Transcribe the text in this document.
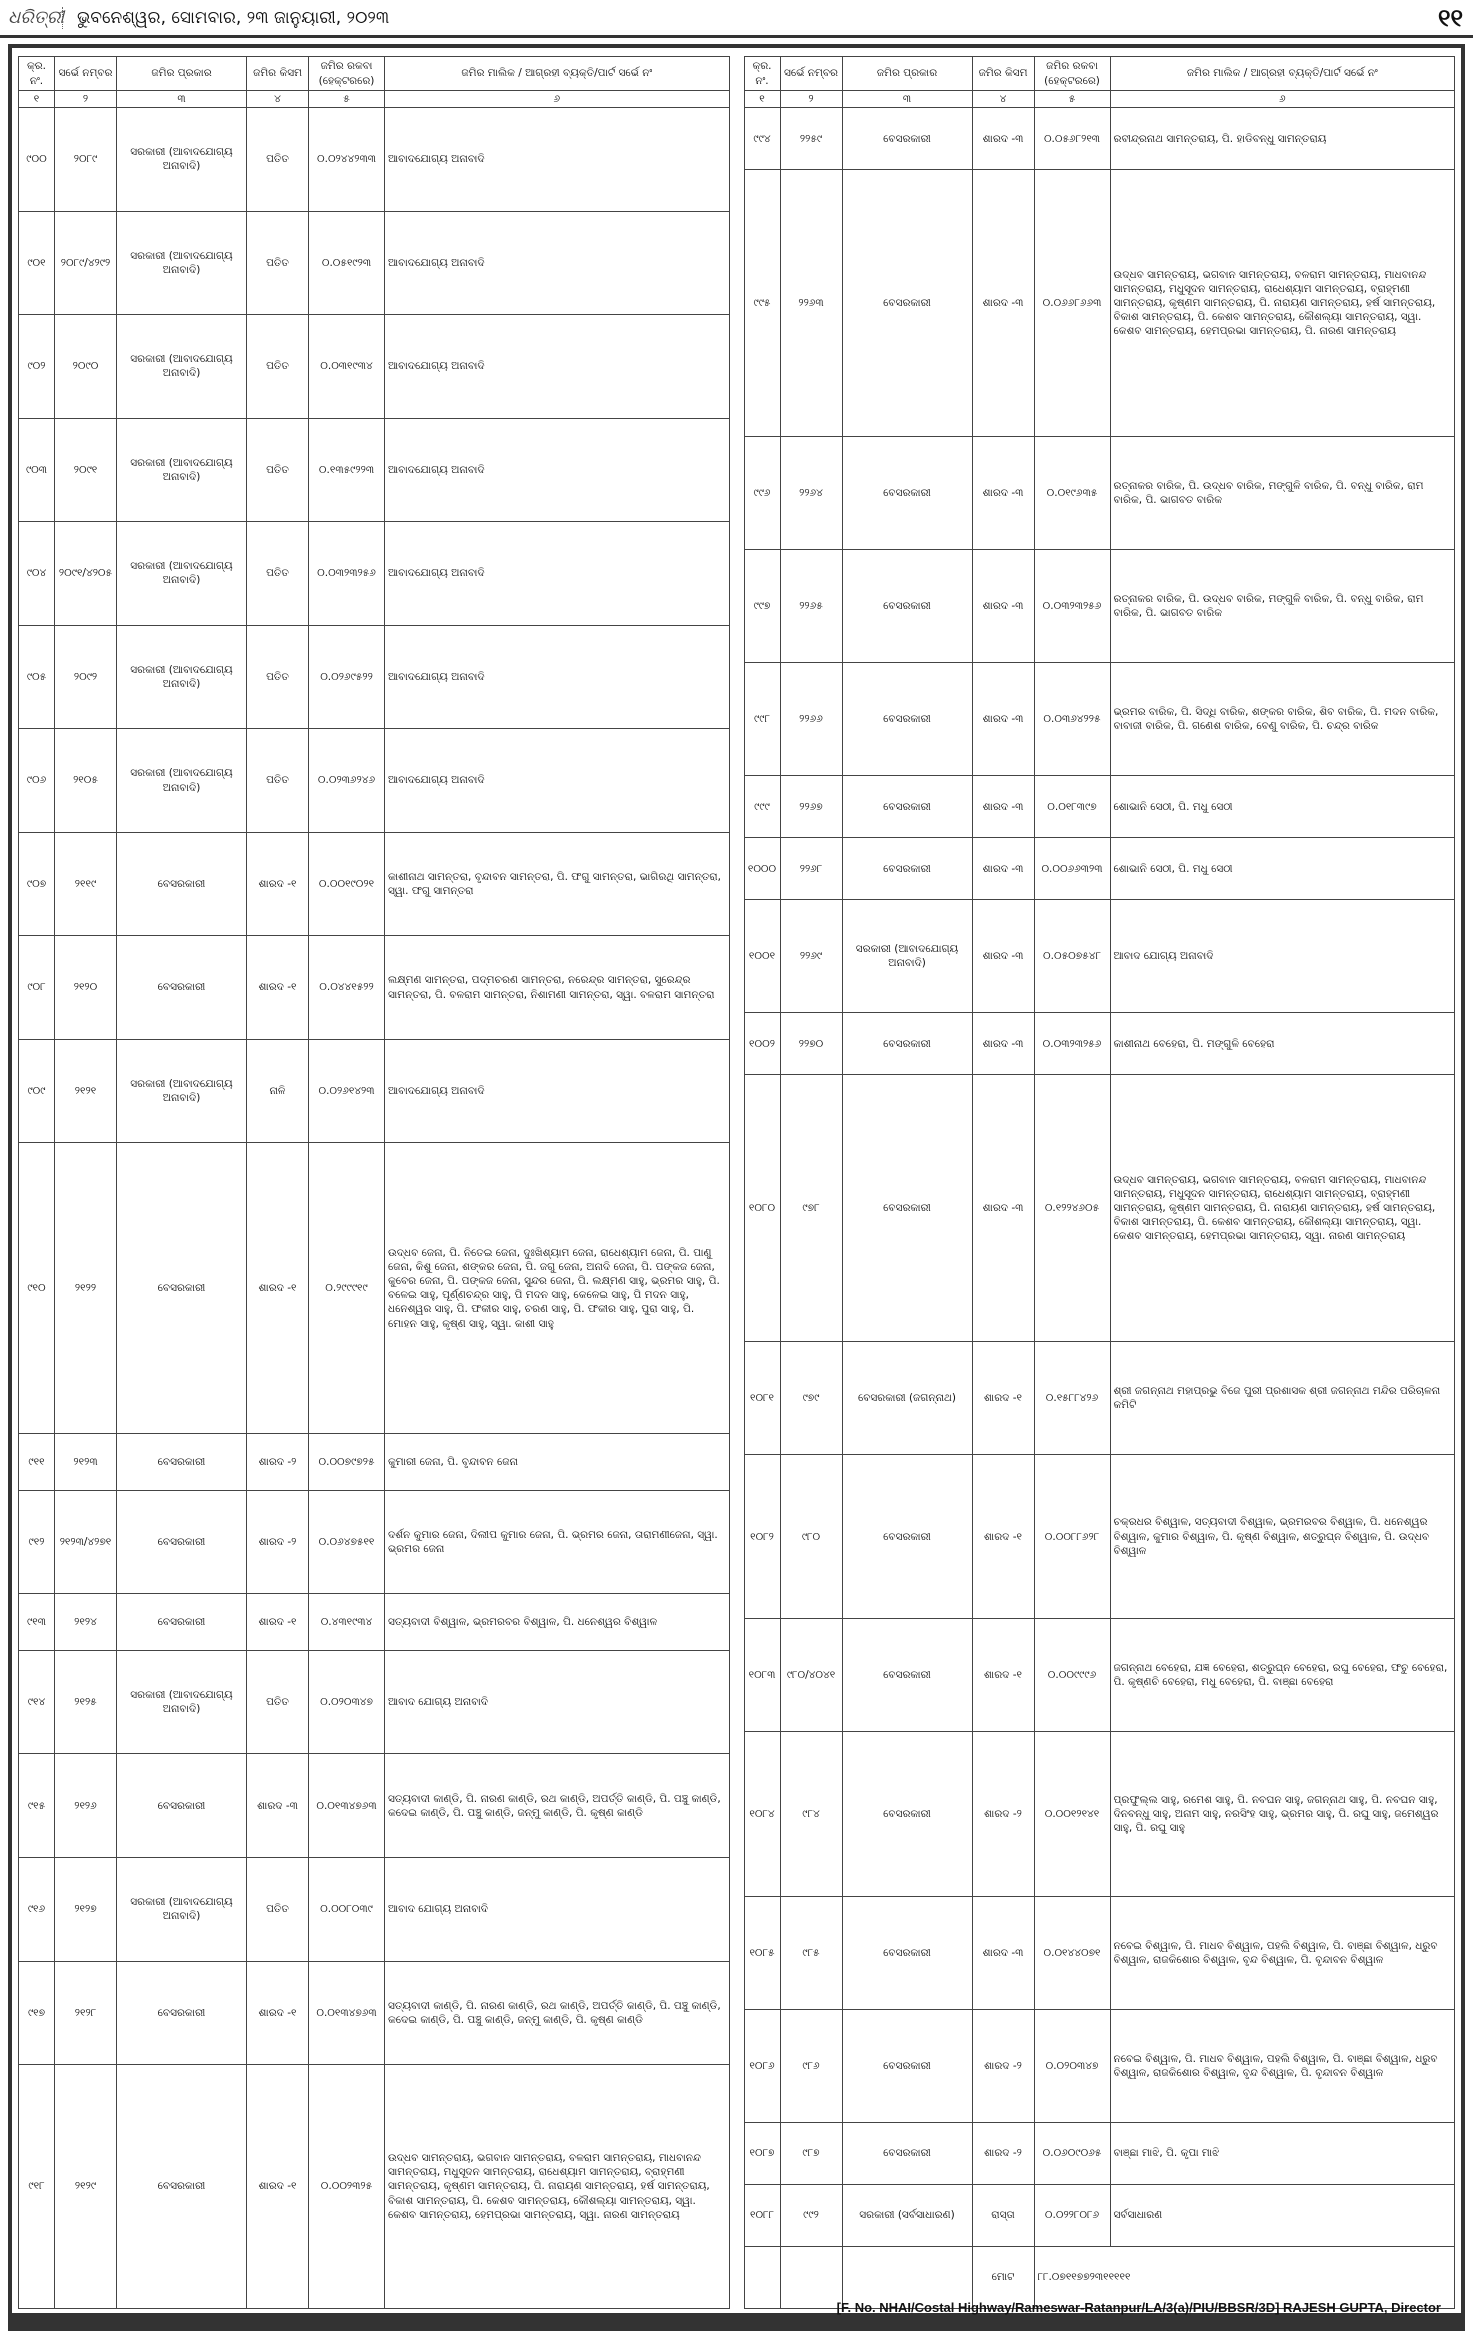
ଧରିତ୍ରୀ ଭୁବନେଶ୍ୱର, ସୋମବାର, ୨୩ ଜାନୁୟାରୀ, ୨୦୨୩	୧୧
କ୍ର. ନଂ.	ସର୍ଭେ ନମ୍ବର	ଜମିର ପ୍ରକାର	ଜମିର କିସମ	ଜମିର ରକବା (ହେକ୍ଟରରେ)	ଜମିର ମାଲିକ / ଆଗ୍ରହୀ ବ୍ୟକ୍ତି/ପାର୍ଟ ସର୍ଭେ ନଂ
୧	୨	୩	୪	୫	୬
୯୦୦	୨୦୮୯	ସରକାରୀ (ଆବାଦଯୋଗ୍ୟ ଅନାବାଦି)	ପତିତ	୦.୦୨୪୪୨୩୩	ଆବାଦଯୋଗ୍ୟ ଅନାବାଦି
୯୦୧	୨୦୮୯/୪୨୯୨	ସରକାରୀ (ଆବାଦଯୋଗ୍ୟ ଅନାବାଦି)	ପତିତ	୦.୦୫୧୯୨୩	ଆବାଦଯୋଗ୍ୟ ଅନାବାଦି
୯୦୨	୨୦୯୦	ସରକାରୀ (ଆବାଦଯୋଗ୍ୟ ଅନାବାଦି)	ପତିତ	୦.୦୩୧୯୩୪	ଆବାଦଯୋଗ୍ୟ ଅନାବାଦି
୯୦୩	୨୦୯୧	ସରକାରୀ (ଆବାଦଯୋଗ୍ୟ ଅନାବାଦି)	ପତିତ	୦.୧୩୫୯୨୨୩	ଆବାଦଯୋଗ୍ୟ ଅନାବାଦି
୯୦୪	୨୦୯୧/୪୨୦୫	ସରକାରୀ (ଆବାଦଯୋଗ୍ୟ ଅନାବାଦି)	ପତିତ	୦.୦୩୨୩୨୫୬	ଆବାଦଯୋଗ୍ୟ ଅନାବାଦି
୯୦୫	୨୦୯୨	ସରକାରୀ (ଆବାଦଯୋଗ୍ୟ ଅନାବାଦି)	ପତିତ	୦.୦୨୬୯୫୨୨	ଆବାଦଯୋଗ୍ୟ ଅନାବାଦି
୯୦୬	୨୧୦୫	ସରକାରୀ (ଆବାଦଯୋଗ୍ୟ ଅନାବାଦି)	ପତିତ	୦.୦୨୩୬୨୪୬	ଆବାଦଯୋଗ୍ୟ ଅନାବାଦି
୯୦୭	୨୧୧୯	ବେସରକାରୀ	ଶାରଦ -୧	୦.୦୦୧୯୦୨୧	କାଶୀନାଥ ସାମନ୍ତରା, ବୃନ୍ଦାବନ ସାମନ୍ତରା, ପି. ଫଗୁ ସାମନ୍ତରା, ଭାଗିରଥି ସାମନ୍ତରା, ସ୍ୱା. ଫଗୁ ସାମନ୍ତରା
୯୦୮	୨୧୨୦	ବେସରକାରୀ	ଶାରଦ -୧	୦.୦୪୪୧୫୨୨	ଲକ୍ଷ୍ମଣ ସାମନ୍ତରା, ପଦ୍ମଚରଣ ସାମନ୍ତରା, ନରେନ୍ଦ୍ର ସାମନ୍ତରା, ସୁରେନ୍ଦ୍ର ସାମନ୍ତରା, ପି. ବଳରାମ ସାମନ୍ତରା, ନିଶାମଣୀ ସାମନ୍ତରା, ସ୍ୱା. ବଳରାମ ସାମନ୍ତରା
୯୦୯	୨୧୨୧	ସରକାରୀ (ଆବାଦଯୋଗ୍ୟ ଅନାବାଦି)	ନାଳି	୦.୦୨୬୧୪୨୩	ଆବାଦଯୋଗ୍ୟ ଅନାବାଦି
୯୧୦	୨୧୨୨	ବେସରକାରୀ	ଶାରଦ -୧	୦.୨୯୯୯୧୯	ଉଦ୍ଧବ ଜେନା, ପି. ନିତେଇ ଜେନା, ଦୁଃଖିଶ୍ୟାମ ଜେନା, ରାଧେଶ୍ୟାମ ଜେନା, ପି. ପାଣୁ ଜେନା, କିଶୁ ଜେନା, ଶଙ୍କର ଜେନା, ପି. ଜଗୁ ଜେନା, ଅନାଦି ଜେନା, ପି. ପଙ୍କଜ ଜେନା, କୁବେର ଜେନା, ପି. ପଙ୍କଜ ଜେନା, ସୁନ୍ଦର ଜେନା, ପି. ଲକ୍ଷ୍ମଣ ସାହୁ, ଭ୍ରମର ସାହୁ, ପି. ବଳେଇ ସାହୁ, ପୂର୍ଣ୍ଣଚନ୍ଦ୍ର ସାହୁ, ପି ମଦନ ସାହୁ, କେଳେଇ ସାହୁ, ପି ମଦନ ସାହୁ, ଧନେଶ୍ୱର ସାହୁ, ପି. ଫକୀର ସାହୁ, ଚରଣ ସାହୁ, ପି. ଫକୀର ସାହୁ, ପୁରା ସାହୁ, ପି. ମୋହନ ସାହୁ, କୃଷ୍ଣ ସାହୁ, ସ୍ୱା. କାଶୀ ସାହୁ
୯୧୧	୨୧୨୩	ବେସରକାରୀ	ଶାରଦ -୨	୦.୦୦୭୯୭୨୫	କୁମାରୀ ଜେନା, ପି. ବୃନ୍ଦାବନ ଜେନା
୯୧୨	୨୧୨୩/୪୨୭୧	ବେସରକାରୀ	ଶାରଦ -୨	୦.୦୬୪୭୫୧୧	ଦର୍ଶନ କୁମାର ଜେନା, ଦିଲୀପ କୁମାର ଜେନା, ପି. ଭ୍ରମର ଜେନା, ତାରାମଣୀଜେନା, ସ୍ୱା. ଭ୍ରମର ଜେନା
୯୧୩	୨୧୨୪	ବେସରକାରୀ	ଶାରଦ -୧	୦.୪୩୧୯୩୪	ସତ୍ୟବାଦୀ ବିଶ୍ୱାଳ, ଭ୍ରମରବର ବିଶ୍ୱାଳ, ପି. ଧନେଶ୍ୱର ବିଶ୍ୱାଳ
୯୧୪	୨୧୨୫	ସରକାରୀ (ଆବାଦଯୋଗ୍ୟ ଅନାବାଦି)	ପତିତ	୦.୦୨୦୩୪୭	ଆବାଦ ଯୋଗ୍ୟ ଅନାବାଦି
୯୧୫	୨୧୨୬	ବେସରକାରୀ	ଶାରଦ -୩	୦.୦୧୩୪୭୬୩	ସତ୍ୟବାଦୀ କାଣ୍ଡି, ପି. ନାରଣ କାଣ୍ଡି, ରଥ କାଣ୍ଡି, ଅପର୍ତ୍ତି କାଣ୍ଡି, ପି. ପଞ୍ଚୁ କାଣ୍ଡି, କଦେଇ କାଣ୍ଡି, ପି. ପଞ୍ଚୁ କାଣ୍ଡି, ଜନ୍ମୁ କାଣ୍ଡି, ପି. କୃଷ୍ଣ କାଣ୍ଡି
୯୧୬	୨୧୨୭	ସରକାରୀ (ଆବାଦଯୋଗ୍ୟ ଅନାବାଦି)	ପତିତ	୦.୦୦୮୦୩୯	ଆବାଦ ଯୋଗ୍ୟ ଅନାବାଦି
୯୧୭	୨୧୨୮	ବେସରକାରୀ	ଶାରଦ -୧	୦.୦୧୩୪୭୬୩	ସତ୍ୟବାଦୀ କାଣ୍ଡି, ପି. ନାରଣ କାଣ୍ଡି, ରଥ କାଣ୍ଡି, ଅପର୍ତ୍ତି କାଣ୍ଡି, ପି. ପଞ୍ଚୁ କାଣ୍ଡି, କଦେଇ କାଣ୍ଡି, ପି. ପଞ୍ଚୁ କାଣ୍ଡି, ଜନ୍ମୁ କାଣ୍ଡି, ପି. କୃଷ୍ଣ କାଣ୍ଡି
୯୧୮	୨୧୨୯	ବେସରକାରୀ	ଶାରଦ -୧	୦.୦୦୨୩୨୫	ଉଦ୍ଧବ ସାମନ୍ତରାୟ, ଭଗବାନ ସାମନ୍ତରାୟ, ବଳରାମ ସାମନ୍ତରାୟ, ମାଧବାନନ୍ଦ ସାମନ୍ତରାୟ, ମଧୁସୂଦନ ସାମନ୍ତରାୟ, ରାଧେଶ୍ୟାମ ସାମନ୍ତରାୟ, ବ୍ରାହ୍ମଣୀ ସାମନ୍ତରାୟ, କୃଷ୍ଣମ ସାମନ୍ତରାୟ, ପି. ନାରାୟଣ ସାମନ୍ତରାୟ, ହର୍ଷ ସାମନ୍ତରାୟ, ବିକାଶ ସାମନ୍ତରାୟ, ପି. କେଶବ ସାମନ୍ତରାୟ, କୌଶଲ୍ୟା ସାମନ୍ତରାୟ, ସ୍ୱା. କେଶବ ସାମନ୍ତରାୟ, ହେମପ୍ରଭା ସାମନ୍ତରାୟ, ସ୍ୱା. ନାରଣ ସାମନ୍ତରାୟ
କ୍ର. ନଂ.	ସର୍ଭେ ନମ୍ବର	ଜମିର ପ୍ରକାର	ଜମିର କିସମ	ଜମିର ରକବା (ହେକ୍ଟରରେ)	ଜମିର ମାଲିକ / ଆଗ୍ରହୀ ବ୍ୟକ୍ତି/ପାର୍ଟ ସର୍ଭେ ନଂ
୧	୨	୩	୪	୫	୬
୯୯୪	୨୨୫୯	ବେସରକାରୀ	ଶାରଦ -୩	୦.୦୫୬୮୨୧୩	ରବୀନ୍ଦ୍ରନାଥ ସାମନ୍ତରାୟ, ପି. ହାଡିବନ୍ଧୁ ସାମନ୍ତରାୟ
୯୯୫	୨୨୬୩	ବେସରକାରୀ	ଶାରଦ -୩	୦.୦୬୬୮୬୬୩	ଉଦ୍ଧବ ସାମନ୍ତରାୟ, ଭଗବାନ ସାମନ୍ତରାୟ, ବଳରାମ ସାମନ୍ତରାୟ, ମାଧବାନନ୍ଦ ସାମନ୍ତରାୟ, ମଧୁସୂଦନ ସାମନ୍ତରାୟ, ରାଧେଶ୍ୟାମ ସାମନ୍ତରାୟ, ବ୍ରାହ୍ମଣୀ ସାମନ୍ତରାୟ, କୃଷ୍ଣମ ସାମନ୍ତରାୟ, ପି. ନାରାୟଣ ସାମନ୍ତରାୟ, ହର୍ଷ ସାମନ୍ତରାୟ, ବିକାଶ ସାମନ୍ତରାୟ, ପି. କେଶବ ସାମନ୍ତରାୟ, କୌଶଲ୍ୟା ସାମନ୍ତରାୟ, ସ୍ୱା. କେଶବ ସାମନ୍ତରାୟ, ହେମପ୍ରଭା ସାମନ୍ତରାୟ, ପି. ନାରଣ ସାମନ୍ତରାୟ
୯୯୬	୨୨୬୪	ବେସରକାରୀ	ଶାରଦ -୩	୦.୦୧୯୬୩୫	ରତ୍ନାକର ବାରିକ, ପି. ଉଦ୍ଧବ ବାରିକ, ମଙ୍ଗୁଳି ବାରିକ, ପି. ବନ୍ଧୁ ବାରିକ, ରାମ ବାରିକ, ପି. ଭାଗବତ ବାରିକ
୯୯୭	୨୨୬୫	ବେସରକାରୀ	ଶାରଦ -୩	୦.୦୩୨୩୨୫୬	ରତ୍ନାକର ବାରିକ, ପି. ଉଦ୍ଧବ ବାରିକ, ମଙ୍ଗୁଳି ବାରିକ, ପି. ବନ୍ଧୁ ବାରିକ, ରାମ ବାରିକ, ପି. ଭାଗବତ ବାରିକ
୯୯୮	୨୨୬୬	ବେସରକାରୀ	ଶାରଦ -୩	୦.୦୩୬୪୨୨୫	ଭ୍ରମର ବାରିକ, ପି. ସିଦ୍ଧି ବାରିକ, ଶଙ୍କର ବାରିକ, ଶିବ ବାରିକ, ପି. ମଦନ ବାରିକ, ବାବାଜୀ ବାରିକ, ପି. ଗଣେଶ ବାରିକ, ବେଣୁ ବାରିକ, ପି. ଚନ୍ଦ୍ର ବାରିକ
୯୯୯	୨୨୬୭	ବେସରକାରୀ	ଶାରଦ -୩	୦.୦୧୮୩୯୭	ଶୋଭାନି ସେଠୀ, ପି. ମଧୁ ସେଠୀ
୧୦୦୦	୨୨୬୮	ବେସରକାରୀ	ଶାରଦ -୩	୦.୦୦୬୬୩୨୩	ଶୋଭାନି ସେଠୀ, ପି. ମଧୁ ସେଠୀ
୧୦୦୧	୨୨୬୯	ସରକାରୀ (ଆବାଦଯୋଗ୍ୟ ଅନାବାଦି)	ଶାରଦ -୩	୦.୦୫୦୭୫୪୮	ଆବାଦ ଯୋଗ୍ୟ ଅନାବାଦି
୧୦୦୨	୨୨୭୦	ବେସରକାରୀ	ଶାରଦ -୩	୦.୦୩୨୩୨୫୬	କାଶୀନାଥ ବେହେରା, ପି. ମଙ୍ଗୁଳି ବେହେରା
୧୦୮୦	୯୭୮	ବେସରକାରୀ	ଶାରଦ -୩	୦.୧୨୨୪୬୦୫	ଉଦ୍ଧବ ସାମନ୍ତରାୟ, ଭଗବାନ ସାମନ୍ତରାୟ, ବଳରାମ ସାମନ୍ତରାୟ, ମାଧବାନନ୍ଦ ସାମନ୍ତରାୟ, ମଧୁସୂଦନ ସାମନ୍ତରାୟ, ରାଧେଶ୍ୟାମ ସାମନ୍ତରାୟ, ବ୍ରାହ୍ମଣୀ ସାମନ୍ତରାୟ, କୃଷ୍ଣମ ସାମନ୍ତରାୟ, ପି. ନାରାୟଣ ସାମନ୍ତରାୟ, ହର୍ଷ ସାମନ୍ତରାୟ, ବିକାଶ ସାମନ୍ତରାୟ, ପି. କେଶବ ସାମନ୍ତରାୟ, କୌଶଲ୍ୟା ସାମନ୍ତରାୟ, ସ୍ୱା. କେଶବ ସାମନ୍ତରାୟ, ହେମପ୍ରଭା ସାମନ୍ତରାୟ, ସ୍ୱା. ନାରଣ ସାମନ୍ତରାୟ
୧୦୮୧	୯୭୯	ବେସରକାରୀ (ଜଗନ୍ନାଥ)	ଶାରଦ -୧	୦.୧୫୮୮୪୨୬	ଶ୍ରୀ ଜଗନ୍ନାଥ ମହାପ୍ରଭୁ ବିଜେ ପୁରୀ ପ୍ରଶାସକ ଶ୍ରୀ ଜଗନ୍ନାଥ ମନ୍ଦିର ପରିଚାଳନା କମିଟି
୧୦୮୨	୯୮୦	ବେସରକାରୀ	ଶାରଦ -୧	୦.୦୦୮୮୬୨୮	ଚକ୍ରଧର ବିଶ୍ୱାଳ, ସତ୍ୟବାଦୀ ବିଶ୍ୱାଳ, ଭ୍ରମରବର ବିଶ୍ୱାଳ, ପି. ଧନେଶ୍ୱର ବିଶ୍ୱାଳ, କୁମାର ବିଶ୍ୱାଳ, ପି. କୃଷ୍ଣ ବିଶ୍ୱାଳ, ଶତ୍ରୁଘ୍ନ ବିଶ୍ୱାଳ, ପି. ଉଦ୍ଧବ ବିଶ୍ୱାଳ
୧୦୮୩	୯୮୦/୪୦୪୧	ବେସରକାରୀ	ଶାରଦ -୧	୦.୦୦୯୯୯୬	ଜଗନ୍ନାଥ ବେହେରା, ଯଜ୍ଞ ବେହେରା, ଶତ୍ରୁଘ୍ନ ବେହେରା, ରଘୁ ବେହେରା, ଫଚୁ ବେହେରା, ପି. କୃଷ୍ଣଚି ବେହେରା, ମଧୁ ବେହେରା, ପି. ବାଞ୍ଛା ବେହେରା
୧୦୮୪	୯୮୪	ବେସରକାରୀ	ଶାରଦ -୨	୦.୦୦୧୨୧୪୧	ପ୍ରଫୁଲ୍ଲ ସାହୁ, ରମେଶ ସାହୁ, ପି. ନବଘନ ସାହୁ, ଜଗନ୍ନାଥ ସାହୁ, ପି. ନବଘନ ସାହୁ, ଦିନବନ୍ଧୁ ସାହୁ, ଅନାମ ସାହୁ, ନରସିଂହ ସାହୁ, ଭ୍ରମର ସାହୁ, ପି. ରଘୁ ସାହୁ, ଜମେଶ୍ୱର ସାହୁ, ପି. ରଘୁ ସାହୁ
୧୦୮୫	୯୮୫	ବେସରକାରୀ	ଶାରଦ -୩	୦.୦୧୪୪୦୭୧	ନବେଇ ବିଶ୍ୱାଳ, ପି. ମାଧବ ବିଶ୍ୱାଳ, ପହଲି ବିଶ୍ୱାଳ, ପି. ବାଞ୍ଛା ବିଶ୍ୱାଳ, ଧ୍ରୁବ ବିଶ୍ୱାଳ, ରାଜକିଶୋର ବିଶ୍ୱାଳ, ବୃନ୍ଦ ବିଶ୍ୱାଳ, ପି. ବୃନ୍ଦାବନ ବିଶ୍ୱାଳ
୧୦୮୬	୯୮୬	ବେସରକାରୀ	ଶାରଦ -୨	୦.୦୨୦୩୪୭	ନବେଇ ବିଶ୍ୱାଳ, ପି. ମାଧବ ବିଶ୍ୱାଳ, ପହଲି ବିଶ୍ୱାଳ, ପି. ବାଞ୍ଛା ବିଶ୍ୱାଳ, ଧ୍ରୁବ ବିଶ୍ୱାଳ, ରାଜକିଶୋର ବିଶ୍ୱାଳ, ବୃନ୍ଦ ବିଶ୍ୱାଳ, ପି. ବୃନ୍ଦାବନ ବିଶ୍ୱାଳ
୧୦୮୭	୯୮୭	ବେସରକାରୀ	ଶାରଦ -୨	୦.୦୬୦୯୦୬୫	ବାଞ୍ଛା ମାଝି, ପି. କୃପା ମାଝି
୧୦୮୮	୯୯୨	ସରକାରୀ (ସର୍ବସାଧାରଣ)	ରାସ୍ତା	୦.୦୨୨୮୦୮୬	ସର୍ବସାଧାରଣ
			ମୋଟ	୮୮.୦୭୧୧୭୭୨୩୧୧୧୧୧	
[F. No. NHAI/Costal Highway/Rameswar-Ratanpur/LA/3(a)/PIU/BBSR/3D] RAJESH GUPTA, Director
